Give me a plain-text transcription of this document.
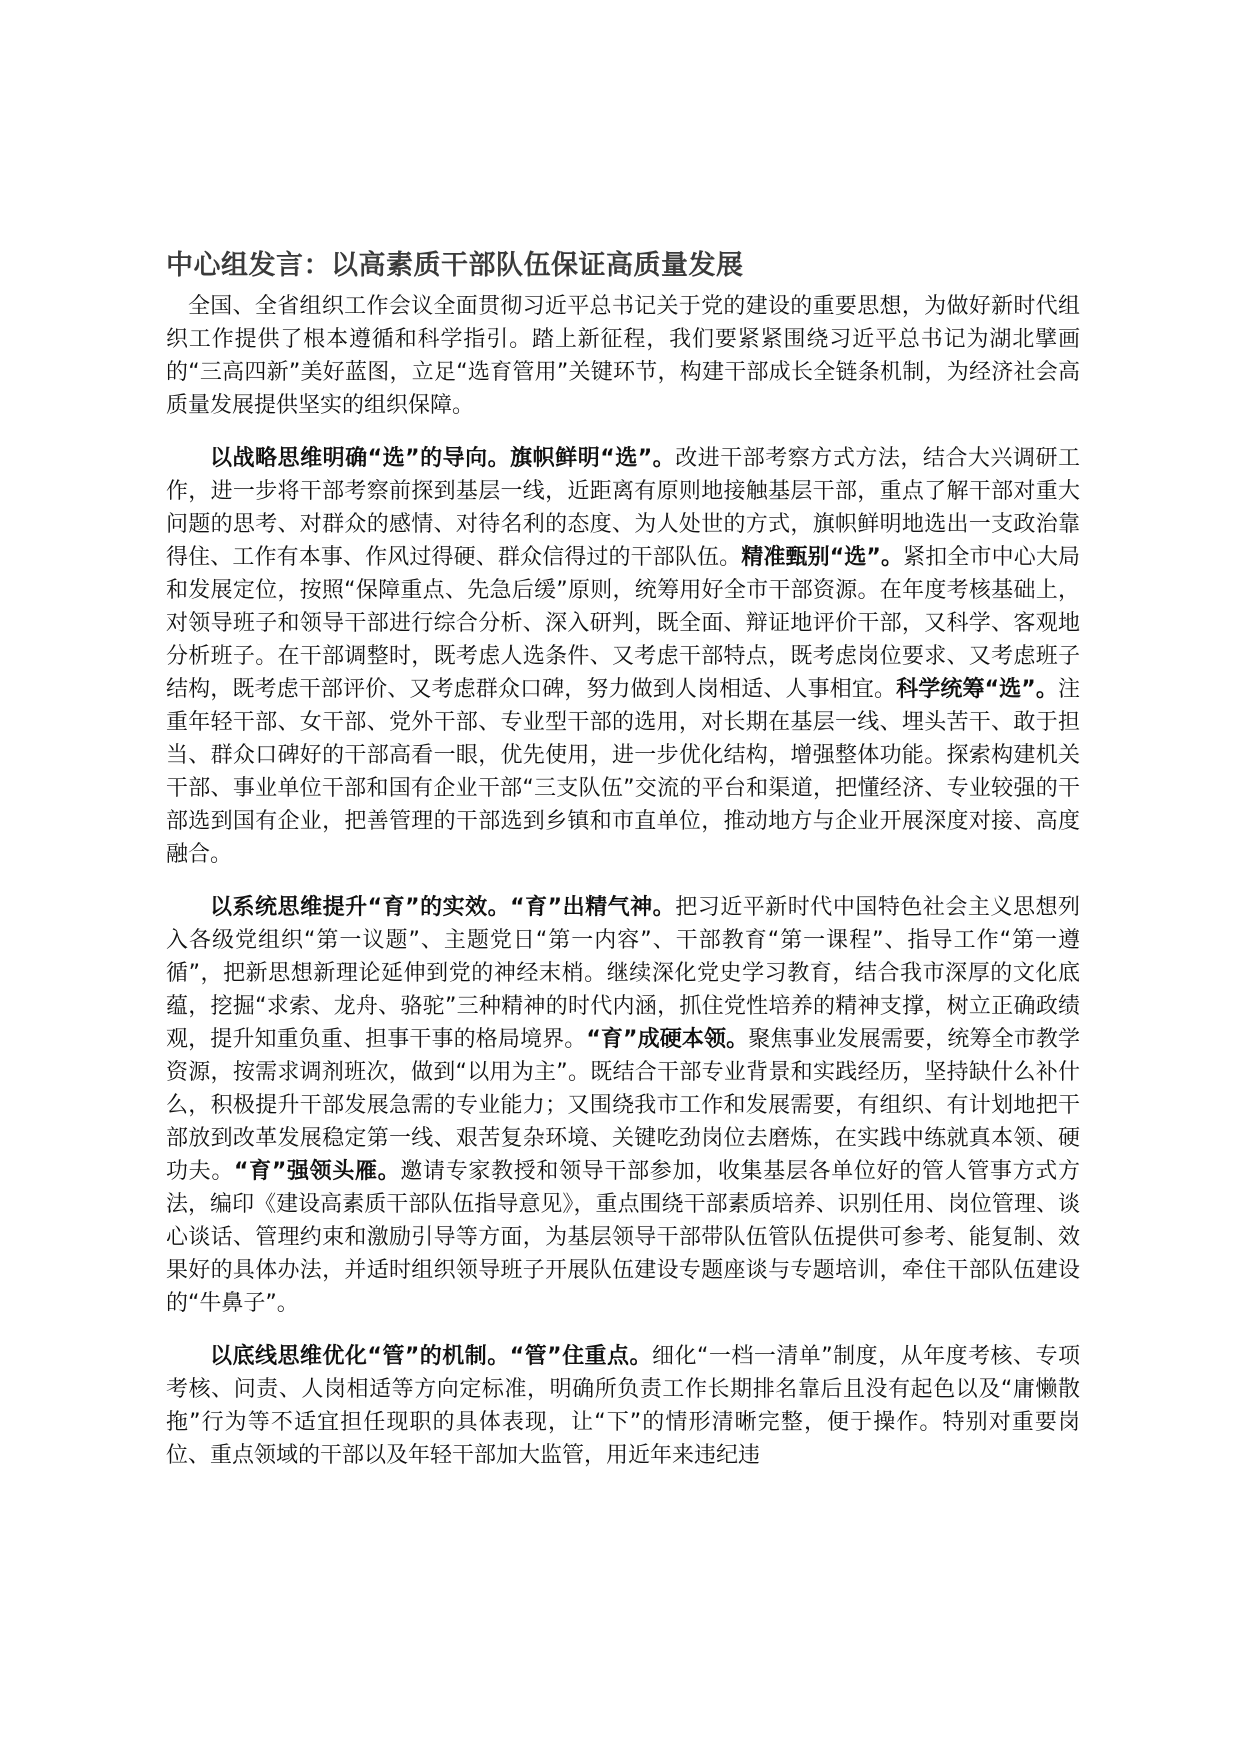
中心组发言：以高素质干部队伍保证高质量发展

全国、全省组织工作会议全面贯彻习近平总书记关于党的建设的重要思想，为做好新时代组织工作提供了根本遵循和科学指引。踏上新征程，我们要紧紧围绕习近平总书记为湖北擘画的“三高四新”美好蓝图，立足“选育管用”关键环节，构建干部成长全链条机制，为经济社会高质量发展提供坚实的组织保障。

以战略思维明确“选”的导向。旗帜鲜明“选”。改进干部考察方式方法，结合大兴调研工作，进一步将干部考察前探到基层一线，近距离有原则地接触基层干部，重点了解干部对重大问题的思考、对群众的感情、对待名利的态度、为人处世的方式，旗帜鲜明地选出一支政治靠得住、工作有本事、作风过得硬、群众信得过的干部队伍。精准甄别“选”。紧扣全市中心大局和发展定位，按照“保障重点、先急后缓”原则，统筹用好全市干部资源。在年度考核基础上，对领导班子和领导干部进行综合分析、深入研判，既全面、辩证地评价干部，又科学、客观地分析班子。在干部调整时，既考虑人选条件、又考虑干部特点，既考虑岗位要求、又考虑班子结构，既考虑干部评价、又考虑群众口碑，努力做到人岗相适、人事相宜。科学统筹“选”。注重年轻干部、女干部、党外干部、专业型干部的选用，对长期在基层一线、埋头苦干、敢于担当、群众口碑好的干部高看一眼，优先使用，进一步优化结构，增强整体功能。探索构建机关干部、事业单位干部和国有企业干部“三支队伍”交流的平台和渠道，把懂经济、专业较强的干部选到国有企业，把善管理的干部选到乡镇和市直单位，推动地方与企业开展深度对接、高度融合。

以系统思维提升“育”的实效。“育”出精气神。把习近平新时代中国特色社会主义思想列入各级党组织“第一议题”、主题党日“第一内容”、干部教育“第一课程”、指导工作“第一遵循”，把新思想新理论延伸到党的神经末梢。继续深化党史学习教育，结合我市深厚的文化底蕴，挖掘“求索、龙舟、骆驼”三种精神的时代内涵，抓住党性培养的精神支撑，树立正确政绩观，提升知重负重、担事干事的格局境界。“育”成硬本领。聚焦事业发展需要，统筹全市教学资源，按需求调剂班次，做到“以用为主”。既结合干部专业背景和实践经历，坚持缺什么补什么，积极提升干部发展急需的专业能力；又围绕我市工作和发展需要，有组织、有计划地把干部放到改革发展稳定第一线、艰苦复杂环境、关键吃劲岗位去磨炼，在实践中练就真本领、硬功夫。“育”强领头雁。邀请专家教授和领导干部参加，收集基层各单位好的管人管事方式方法，编印《建设高素质干部队伍指导意见》，重点围绕干部素质培养、识别任用、岗位管理、谈心谈话、管理约束和激励引导等方面，为基层领导干部带队伍管队伍提供可参考、能复制、效果好的具体办法，并适时组织领导班子开展队伍建设专题座谈与专题培训，牵住干部队伍建设的“牛鼻子”。

以底线思维优化“管”的机制。“管”住重点。细化“一档一清单”制度，从年度考核、专项考核、问责、人岗相适等方向定标准，明确所负责工作长期排名靠后且没有起色以及“庸懒散拖”行为等不适宜担任现职的具体表现，让“下”的情形清晰完整，便于操作。特别对重要岗位、重点领域的干部以及年轻干部加大监管，用近年来违纪违
